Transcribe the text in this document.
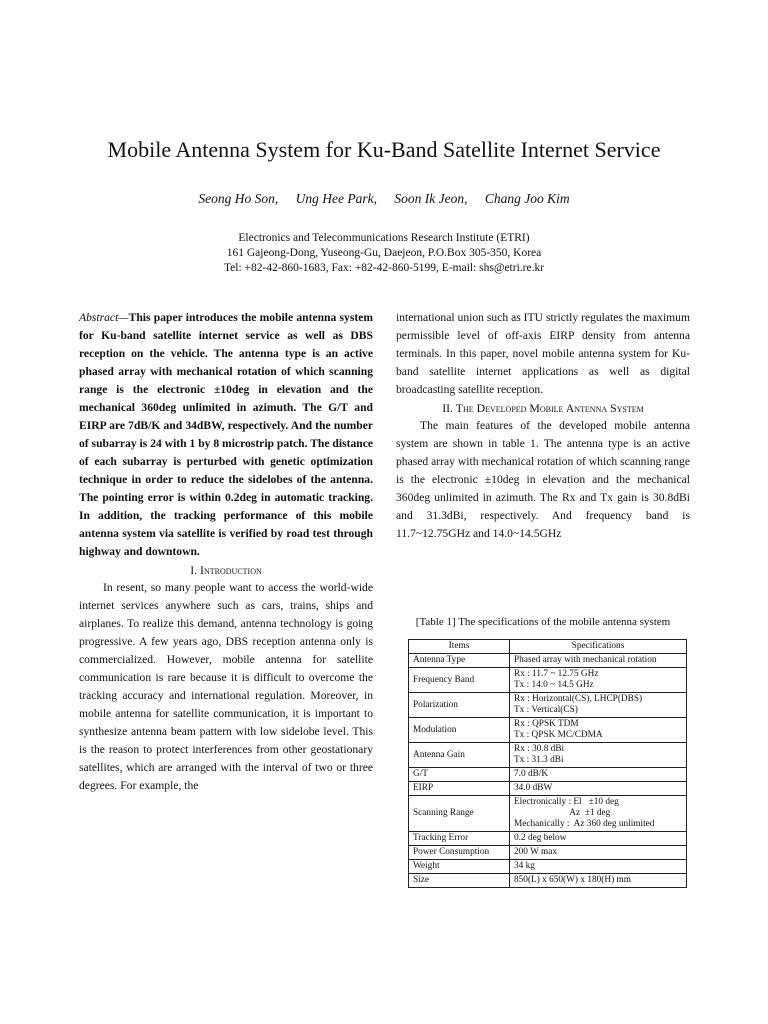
Mobile Antenna System for Ku-Band Satellite Internet Service
Seong Ho Son, Ung Hee Park, Soon Ik Jeon, Chang Joo Kim
Electronics and Telecommunications Research Institute (ETRI)
161 Gajeong-Dong, Yuseong-Gu, Daejeon, P.O.Box 305-350, Korea
Tel: +82-42-860-1683, Fax: +82-42-860-5199, E-mail: shs@etri.re.kr

Abstract—This paper introduces the mobile antenna system for Ku-band satellite internet service as well as DBS reception on the vehicle. The antenna type is an active phased array with mechanical rotation of which scanning range is the electronic ±10deg in elevation and the mechanical 360deg unlimited in azimuth. The G/T and EIRP are 7dB/K and 34dBW, respectively. And the number of subarray is 24 with 1 by 8 microstrip patch. The distance of each subarray is perturbed with genetic optimization technique in order to reduce the sidelobes of the antenna. The pointing error is within 0.2deg in automatic tracking. In addition, the tracking performance of this mobile antenna system via satellite is verified by road test through highway and downtown.

I. Introduction

In resent, so many people want to access the world-wide internet services anywhere such as cars, trains, ships and airplanes. To realize this demand, antenna technology is going progressive. A few years ago, DBS reception antenna only is commercialized. However, mobile antenna for satellite communication is rare because it is difficult to overcome the tracking accuracy and international regulation. Moreover, in mobile antenna for satellite communication, it is important to synthesize antenna beam pattern with low sidelobe level. This is the reason to protect interferences from other geostationary satellites, which are arranged with the interval of two or three degrees. For example, the

international union such as ITU strictly regulates the maximum permissible level of off-axis EIRP density from antenna terminals. In this paper, novel mobile antenna system for Ku-band satellite internet applications as well as digital broadcasting satellite reception.

II. The Developed Mobile Antenna System

The main features of the developed mobile antenna system are shown in table 1. The antenna type is an active phased array with mechanical rotation of which scanning range is the electronic ±10deg in elevation and the mechanical 360deg unlimited in azimuth. The Rx and Tx gain is 30.8dBi and 31.3dBi, respectively. And frequency band is 11.7~12.75GHz and 14.0~14.5GHz

[Table 1] The specifications of the mobile antenna system
Items	Specifications
Antenna Type	Phased array with mechanical rotation
Frequency Band	Rx : 11.7 ~ 12.75 GHz
Tx : 14.0 ~ 14.5 GHz
Polarization	Rx : Horizontal(CS), LHCP(DBS)
Tx : Vertical(CS)
Modulation	Rx : QPSK TDM
Tx : QPSK MC/CDMA
Antenna Gain	Rx : 30.8 dBi
Tx : 31.3 dBi
G/T	7.0 dB/K
EIRP	34.0 dBW
Scanning Range	Electronically : El   ±10 deg
Az  ±1 deg
Mechanically :  Az 360 deg unlimited
Tracking Error	0.2 deg below
Power Consumption	200 W max
Weight	34 kg
Size	850(L) x 650(W) x 180(H) mm
